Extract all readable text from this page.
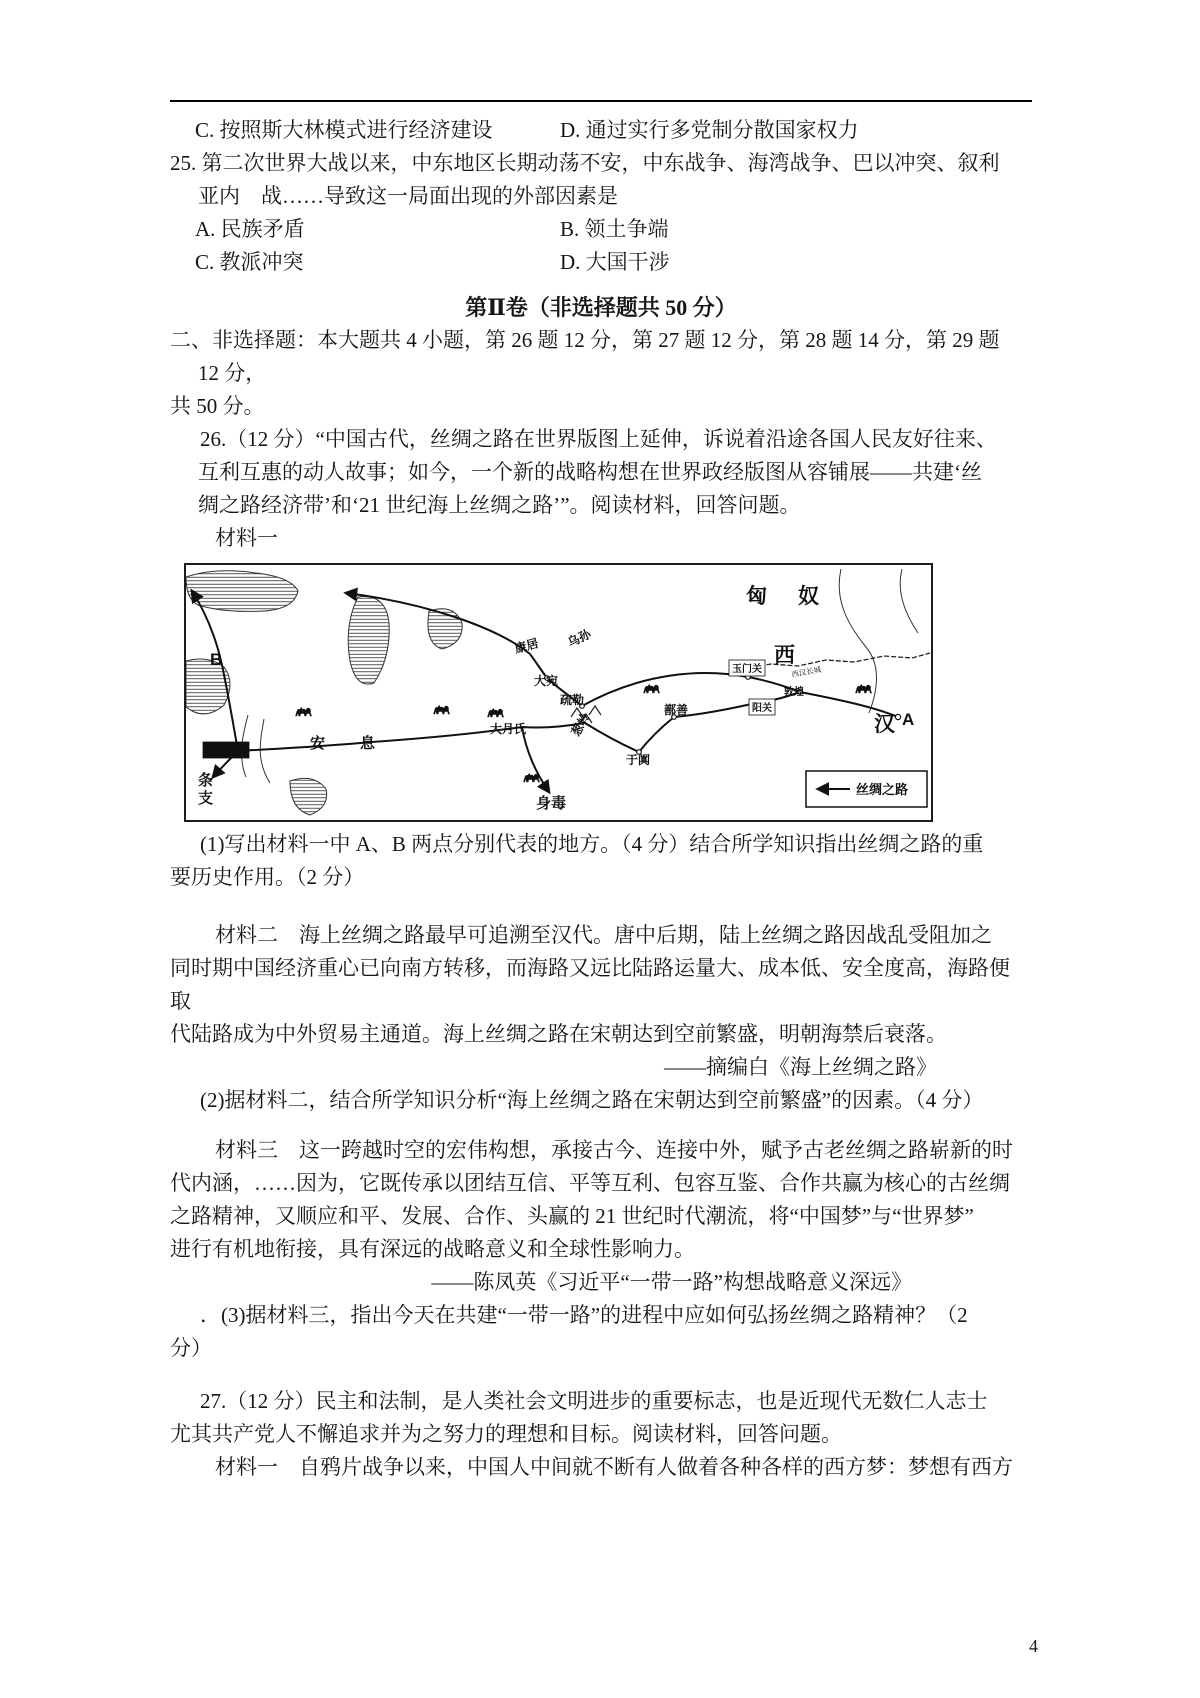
C. 按照斯大林模式进行经济建设	D. 通过实行多党制分散国家权力
25. 第二次世界大战以来，中东地区长期动荡不安，中东战争、海湾战争、巴以冲突、叙利
亚内　战……导致这一局面出现的外部因素是
A. 民族矛盾	B. 领土争端
C. 教派冲突	D. 大国干涉
第Ⅱ卷（非选择题共 50 分）
二、非选择题：本大题共 4 小题，第 26 题 12 分，第 27 题 12 分，第 28 题 14 分，第 29 题
12 分，
共 50 分。
26.（12 分）“中国古代，丝绸之路在世界版图上延伸，诉说着沿途各国人民友好往来、
互利互惠的动人故事；如今，一个新的战略构想在世界政经版图从容铺展——共建‘丝
绸之路经济带’和‘21 世纪海上丝绸之路’”。阅读材料，回答问题。
材料一
丝绸之路
匈 奴
西
汉 A
B
康居 乌孙
大宛
疏勒
葱岭
大月氏
鄯善
于阗
玉门关
阳关
敦煌
西汉长城
安 息
塞琉西亚
条
支	身毒
(1)写出材料一中 A、B 两点分别代表的地方。（4 分）结合所学知识指出丝绸之路的重
要历史作用。（2 分）
材料二　海上丝绸之路最早可追溯至汉代。唐中后期，陆上丝绸之路因战乱受阻加之
同时期中国经济重心已向南方转移，而海路又远比陆路运量大、成本低、安全度高，海路便
取
代陆路成为中外贸易主通道。海上丝绸之路在宋朝达到空前繁盛，明朝海禁后衰落。
——摘编白《海上丝绸之路》
(2)据材料二，结合所学知识分析“海上丝绸之路在宋朝达到空前繁盛”的因素。（4 分）
材料三　这一跨越时空的宏伟构想，承接古今、连接中外，赋予古老丝绸之路崭新的时
代内涵，……因为，它既传承以团结互信、平等互利、包容互鉴、合作共赢为核心的古丝绸
之路精神，又顺应和平、发展、合作、头赢的 21 世纪时代潮流，将“中国梦”与“世界梦”
进行有机地衔接，具有深远的战略意义和全球性影响力。
——陈凤英《习近平“一带一路”构想战略意义深远》
．(3)据材料三，指出今天在共建“一带一路”的进程中应如何弘扬丝绸之路精神？（2
分）
27.（12 分）民主和法制，是人类社会文明进步的重要标志，也是近现代无数仁人志士
尤其共产党人不懈追求并为之努力的理想和目标。阅读材料，回答问题。
材料一　自鸦片战争以来，中国人中间就不断有人做着各种各样的西方梦：梦想有西方
4
